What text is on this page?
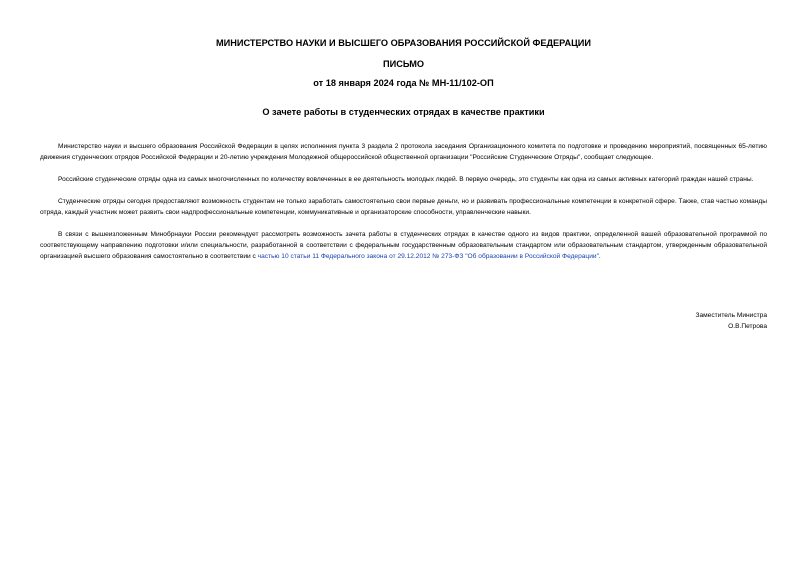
МИНИСТЕРСТВО НАУКИ И ВЫСШЕГО ОБРАЗОВАНИЯ РОССИЙСКОЙ ФЕДЕРАЦИИ
ПИСЬМО
от 18 января 2024 года № МН-11/102-ОП
О зачете работы в студенческих отрядах в качестве практики

Министерство науки и высшего образования Российской Федерации в целях исполнения пункта 3 раздела 2 протокола заседания Организационного комитета по подготовке и проведению мероприятий, посвященных 65-летию движения студенческих отрядов Российской Федерации и 20-летию учреждения Молодежной общероссийской общественной организации "Российские Студенческие Отряды", сообщает следующее.

Российские студенческие отряды одна из самых многочисленных по количеству вовлеченных в ее деятельность молодых людей. В первую очередь, это студенты как одна из самых активных категорий граждан нашей страны.

Студенческие отряды сегодня предоставляют возможность студентам не только заработать самостоятельно свои первые деньги, но и развивать профессиональные компетенции в конкретной сфере. Также, став частью команды отряда, каждый участник может развить свои надпрофессиональные компетенции, коммуникативные и организаторские способности, управленческие навыки.

В связи с вышеизложенным Минобрнауки России рекомендует рассмотреть возможность зачета работы в студенческих отрядах в качестве одного из видов практики, определенной вашей образовательной программой по соответствующему направлению подготовки и/или специальности, разработанной в соответствии с федеральным государственным образовательным стандартом или образовательным стандартом, утвержденным образовательной организацией высшего образования самостоятельно в соответствии с частью 10 статьи 11 Федерального закона от 29.12.2012 № 273-ФЗ "Об образовании в Российской Федерации".

Заместитель Министра
О.В.Петрова
